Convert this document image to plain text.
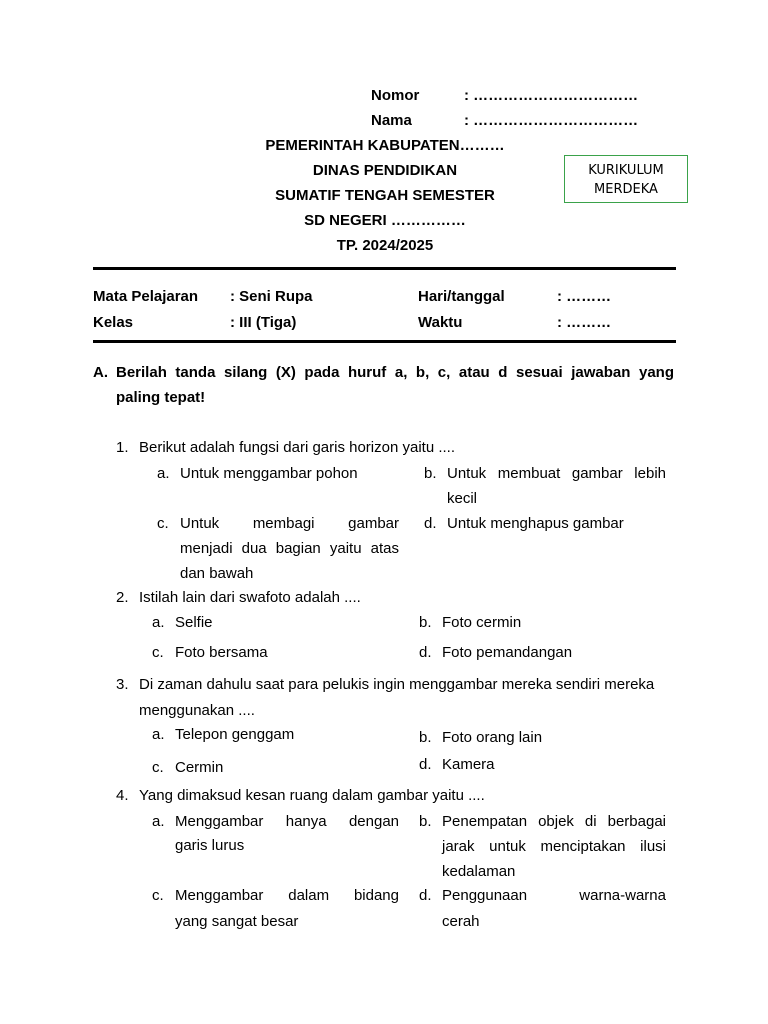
Nomor	: ……………………………
Nama	: ……………………………
PEMERINTAH KABUPATEN………
DINAS PENDIDIKAN
SUMATIF TENGAH SEMESTER
SD NEGERI ……………
TP. 2024/2025
KURIKULUM
MERDEKA
Mata Pelajaran : Seni Rupa	Hari/tanggal	: ………
Kelas	: III (Tiga)	Waktu	: ………
A. Berilah tanda silang (X) pada huruf a, b, c, atau d sesuai jawaban yang
paling tepat!
1. Berikut adalah fungsi dari garis horizon yaitu ....
a. Untuk menggambar pohon	b. Untuk membuat gambar lebih
kecil
c. Untuk membagi gambar
menjadi dua bagian yaitu atas
dan bawah
d. Untuk menghapus gambar
2. Istilah lain dari swafoto adalah ....
a. Selfie	b. Foto cermin
c. Foto bersama	d. Foto pemandangan
3. Di zaman dahulu saat para pelukis ingin menggambar mereka sendiri mereka
menggunakan ....
a. Telepon genggam	b. Foto orang lain
c. Cermin	d. Kamera
4. Yang dimaksud kesan ruang dalam gambar yaitu ....
a. Menggambar hanya dengan
garis lurus
b. Penempatan objek di berbagai
jarak untuk menciptakan ilusi
kedalaman
c. Menggambar dalam bidang
yang sangat besar
d. Penggunaan warna-warna
cerah
